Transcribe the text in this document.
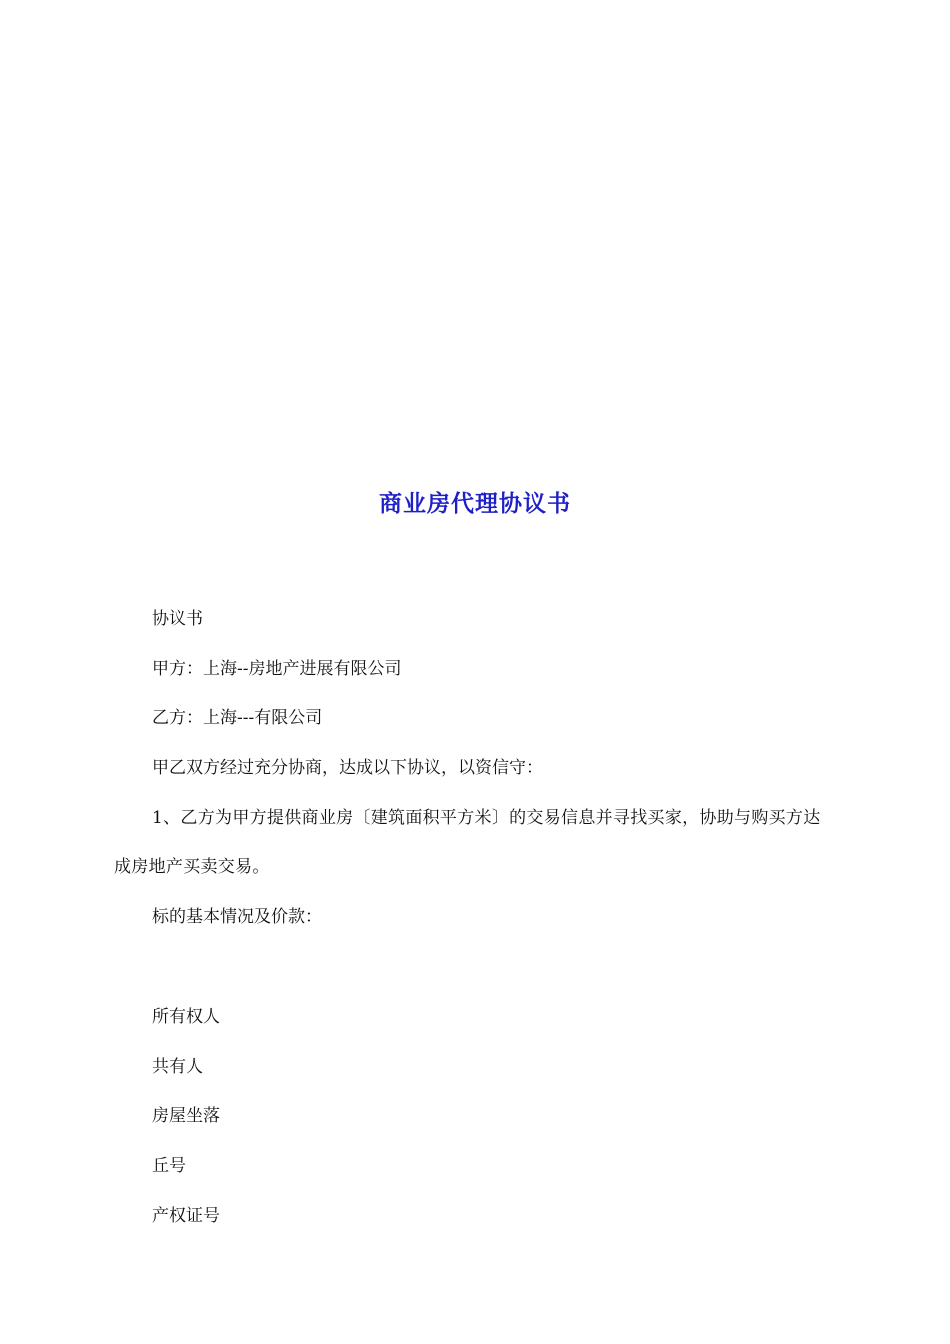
商业房代理协议书

协议书

甲方：上海--房地产进展有限公司

乙方：上海---有限公司

甲乙双方经过充分协商，达成以下协议，以资信守：

1、乙方为甲方提供商业房〔建筑面积平方米〕的交易信息并寻找买家，协助与购买方达成房地产买卖交易。

标的基本情况及价款：

所有权人

共有人

房屋坐落

丘号

产权证号
